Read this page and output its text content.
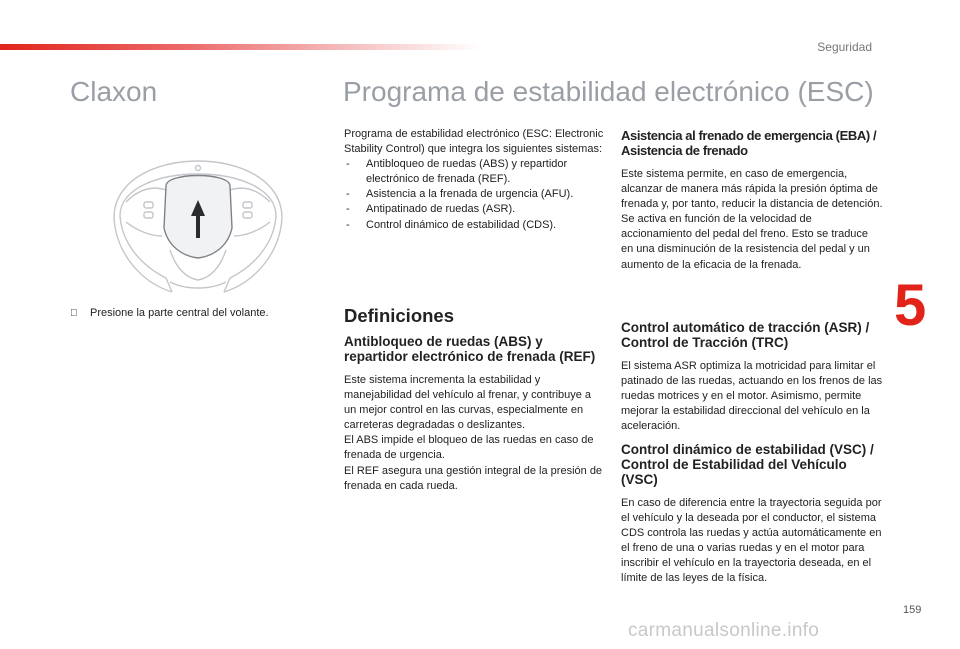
Seguridad
Claxon	Programa de estabilidad electrónico (ESC)
Presione la parte central del volante.

Programa de estabilidad electrónico (ESC: Electronic Stability Control) que integra los siguientes sistemas:

- Antibloqueo de ruedas (ABS) y repartidor electrónico de frenada (REF).
- Asistencia a la frenada de urgencia (AFU).
- Antipatinado de ruedas (ASR).
- Control dinámico de estabilidad (CDS).
Definiciones
Antibloqueo de ruedas (ABS) y repartidor electrónico de frenada (REF)

Este sistema incrementa la estabilidad y manejabilidad del vehículo al frenar, y contribuye a un mejor control en las curvas, especialmente en carreteras degradadas o deslizantes.

El ABS impide el bloqueo de las ruedas en caso de frenada de urgencia.

El REF asegura una gestión integral de la presión de frenada en cada rueda.

Asistencia al frenado de emergencia (EBA) / Asistencia de frenado

Este sistema permite, en caso de emergencia, alcanzar de manera más rápida la presión óptima de frenada y, por tanto, reducir la distancia de detención.

Se activa en función de la velocidad de accionamiento del pedal del freno. Esto se traduce en una disminución de la resistencia del pedal y un aumento de la eficacia de la frenada.

Control automático de tracción (ASR) / Control de Tracción (TRC)

El sistema ASR optimiza la motricidad para limitar el patinado de las ruedas, actuando en los frenos de las ruedas motrices y en el motor. Asimismo, permite mejorar la estabilidad direccional del vehículo en la aceleración.

Control dinámico de estabilidad (VSC) / Control de Estabilidad del Vehículo (VSC)

En caso de diferencia entre la trayectoria seguida por el vehículo y la deseada por el conductor, el sistema CDS controla las ruedas y actúa automáticamente en el freno de una o varias ruedas y en el motor para inscribir el vehículo en la trayectoria deseada, en el límite de las leyes de la física.

5
159
carmanualsonline.info
